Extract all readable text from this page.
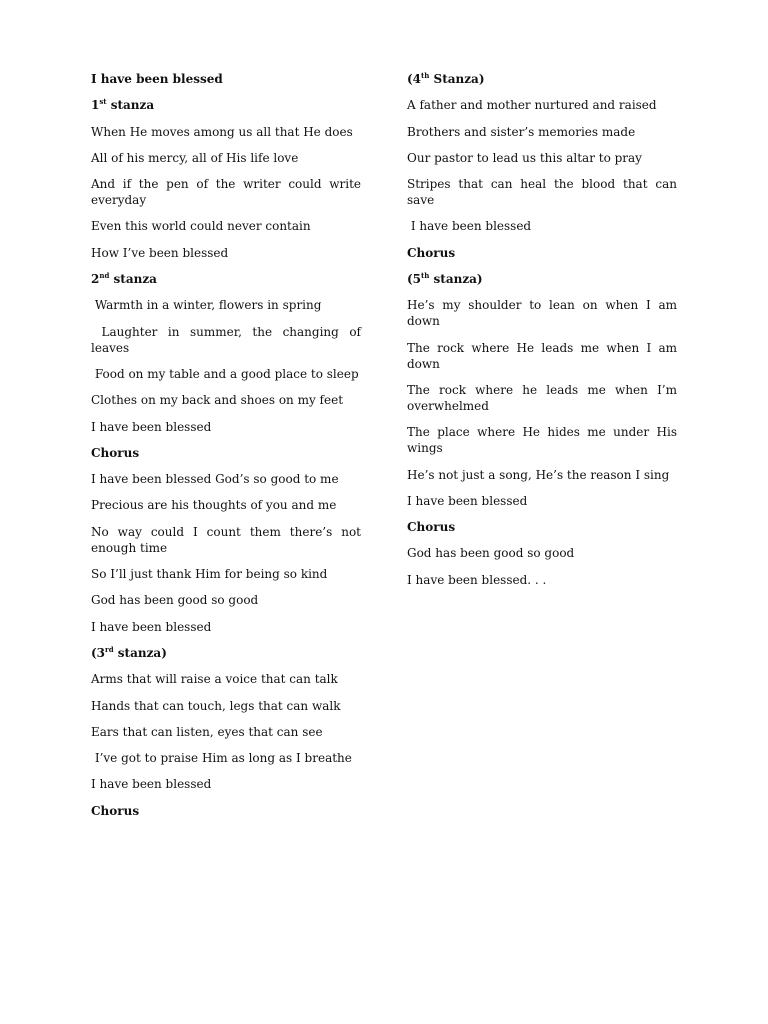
I have been blessed

1st stanza

When He moves among us all that He does

All of his mercy, all of His life love

And if the pen of the writer could write everyday

Even this world could never contain

How I’ve been blessed

2nd stanza

Warmth in a winter, flowers in spring

Laughter in summer, the changing of leaves

Food on my table and a good place to sleep

Clothes on my back and shoes on my feet

I have been blessed

Chorus

I have been blessed God’s so good to me

Precious are his thoughts of you and me

No way could I count them there’s not enough time

So I’ll just thank Him for being so kind

God has been good so good

I have been blessed

(3rd stanza)

Arms that will raise a voice that can talk

Hands that can touch, legs that can walk

Ears that can listen, eyes that can see

I’ve got to praise Him as long as I breathe

I have been blessed

Chorus

(4th Stanza)

A father and mother nurtured and raised

Brothers and sister’s memories made

Our pastor to lead us this altar to pray

Stripes that can heal the blood that can save

I have been blessed

Chorus

(5th stanza)

He’s my shoulder to lean on when I am down

The rock where He leads me when I am down

The rock where he leads me when I’m overwhelmed

The place where He hides me under His wings

He’s not just a song, He’s the reason I sing

I have been blessed

Chorus

God has been good so good

I have been blessed. . .
